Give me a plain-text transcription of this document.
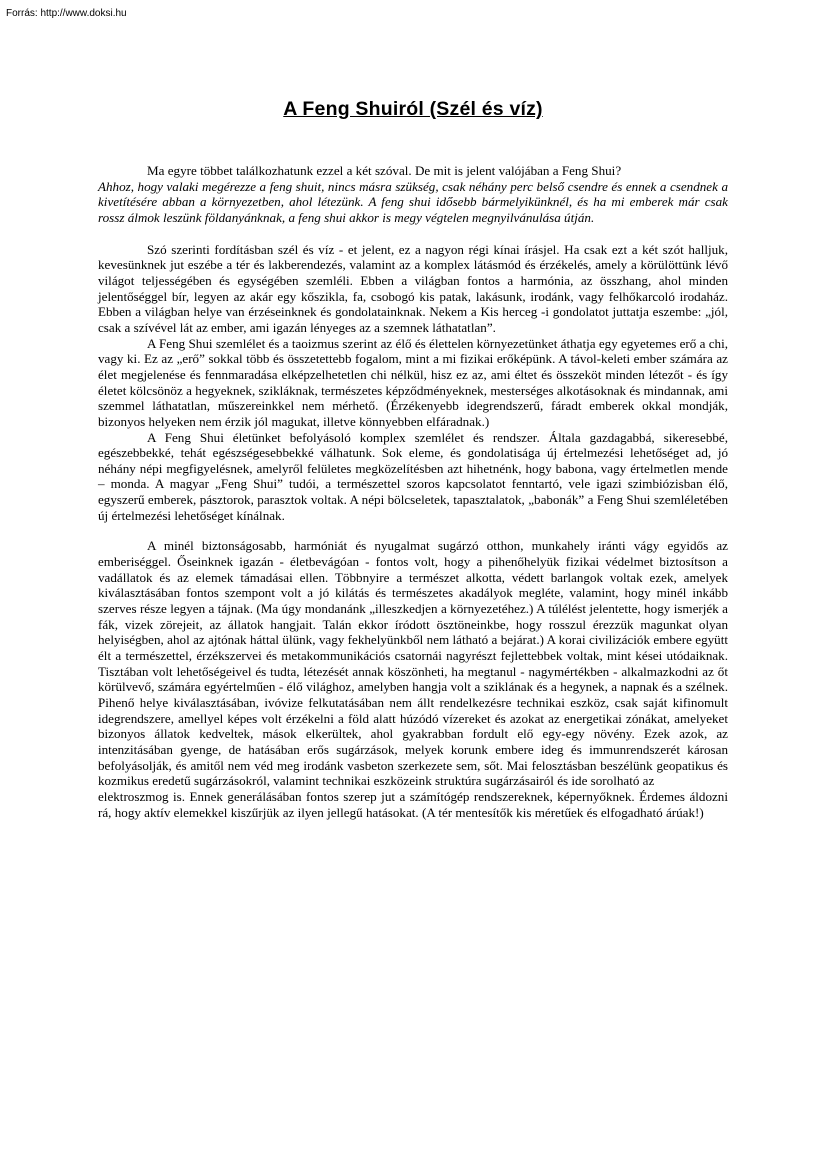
Forrás: http://www.doksi.hu
A Feng Shuiról (Szél és víz)

Ma egyre többet találkozhatunk ezzel a két szóval. De mit is jelent valójában a Feng Shui?

Ahhoz, hogy valaki megérezze a feng shuit, nincs másra szükség, csak néhány perc belső csendre és ennek a csendnek a kivetítésére abban a környezetben, ahol létezünk. A feng shui idősebb bármelyikünknél, és ha mi emberek már csak rossz álmok leszünk földanyánknak, a feng shui akkor is megy végtelen megnyilvánulása útján.

Szó szerinti fordításban szél és víz - et jelent, ez a nagyon régi kínai írásjel. Ha csak ezt a két szót halljuk, kevesünknek jut eszébe a tér és lakberendezés, valamint az a komplex látásmód és érzékelés, amely a körülöttünk lévő világot teljességében és egységében szemléli. Ebben a világban fontos a harmónia, az összhang, ahol minden jelentőséggel bír, legyen az akár egy kőszikla, fa, csobogó kis patak, lakásunk, irodánk, vagy felhőkarcoló irodaház. Ebben a világban helye van érzéseinknek és gondolatainknak. Nekem a Kis herceg -i gondolatot juttatja eszembe: „jól, csak a szívével lát az ember, ami igazán lényeges az a szemnek láthatatlan”.

A Feng Shui szemlélet és a taoizmus szerint az élő és élettelen környezetünket áthatja egy egyetemes erő a chi, vagy ki. Ez az „erő” sokkal több és összetettebb fogalom, mint a mi fizikai erőképünk. A távol-keleti ember számára az élet megjelenése és fennmaradása elképzelhetetlen chi nélkül, hisz ez az, ami éltet és összeköt minden létezőt - és így életet kölcsönöz a hegyeknek, szikláknak, természetes képződményeknek, mesterséges alkotásoknak és mindannak, ami szemmel láthatatlan, műszereinkkel nem mérhető. (Érzékenyebb idegrendszerű, fáradt emberek okkal mondják, bizonyos helyeken nem érzik jól magukat, illetve könnyebben elfáradnak.)

A Feng Shui életünket befolyásoló komplex szemlélet és rendszer. Általa gazdagabbá, sikeresebbé, egészebbekké, tehát egészségesebbekké válhatunk. Sok eleme, és gondolatisága új értelmezési lehetőséget ad, jó néhány népi megfigyelésnek, amelyről felületes megközelítésben azt hihetnénk, hogy babona, vagy értelmetlen mende – monda. A magyar „Feng Shui” tudói, a természettel szoros kapcsolatot fenntartó, vele igazi szimbiózisban élő, egyszerű emberek, pásztorok, parasztok voltak. A népi bölcseletek, tapasztalatok, „babonák” a Feng Shui szemléletében új értelmezési lehetőséget kínálnak.

A minél biztonságosabb, harmóniát és nyugalmat sugárzó otthon, munkahely iránti vágy egyidős az emberiséggel. Őseinknek igazán - életbevágóan - fontos volt, hogy a pihenőhelyük fizikai védelmet biztosítson a vadállatok és az elemek támadásai ellen. Többnyire a természet alkotta, védett barlangok voltak ezek, amelyek kiválasztásában fontos szempont volt a jó kilátás és természetes akadályok megléte, valamint, hogy minél inkább szerves része legyen a tájnak. (Ma úgy mondanánk „illeszkedjen a környezetéhez.) A túlélést jelentette, hogy ismerjék a fák, vizek zörejeit, az állatok hangjait. Talán ekkor íródott ösztöneinkbe, hogy rosszul érezzük magunkat olyan helyiségben, ahol az ajtónak háttal ülünk, vagy fekhelyünkből nem látható a bejárat.) A korai civilizációk embere együtt élt a természettel, érzékszervei és metakommunikációs csatornái nagyrészt fejlettebbek voltak, mint kései utódaiknak. Tisztában volt lehetőségeivel és tudta, létezését annak köszönheti, ha megtanul - nagymértékben - alkalmazkodni az őt körülvevő, számára egyértelműen - élő világhoz, amelyben hangja volt a sziklának és a hegynek, a napnak és a szélnek. Pihenő helye kiválasztásában, ivóvize felkutatásában nem állt rendelkezésre technikai eszköz, csak saját kifinomult idegrendszere, amellyel képes volt érzékelni a föld alatt húzódó vízereket és azokat az energetikai zónákat, amelyeket bizonyos állatok kedveltek, mások elkerültek, ahol gyakrabban fordult elő egy-egy növény. Ezek azok, az intenzitásában gyenge, de hatásában erős sugárzások, melyek korunk embere ideg és immunrendszerét károsan befolyásolják, és amitől nem véd meg irodánk vasbeton szerkezete sem, sőt. Mai felosztásban beszélünk geopatikus és kozmikus eredetű sugárzásokról, valamint technikai eszközeink struktúra sugárzásairól és ide sorolható az

elektroszmog is. Ennek generálásában fontos szerep jut a számítógép rendszereknek, képernyőknek. Érdemes áldozni rá, hogy aktív elemekkel kiszűrjük az ilyen jellegű hatásokat. (A tér mentesítők kis méretűek és elfogadható árúak!)
